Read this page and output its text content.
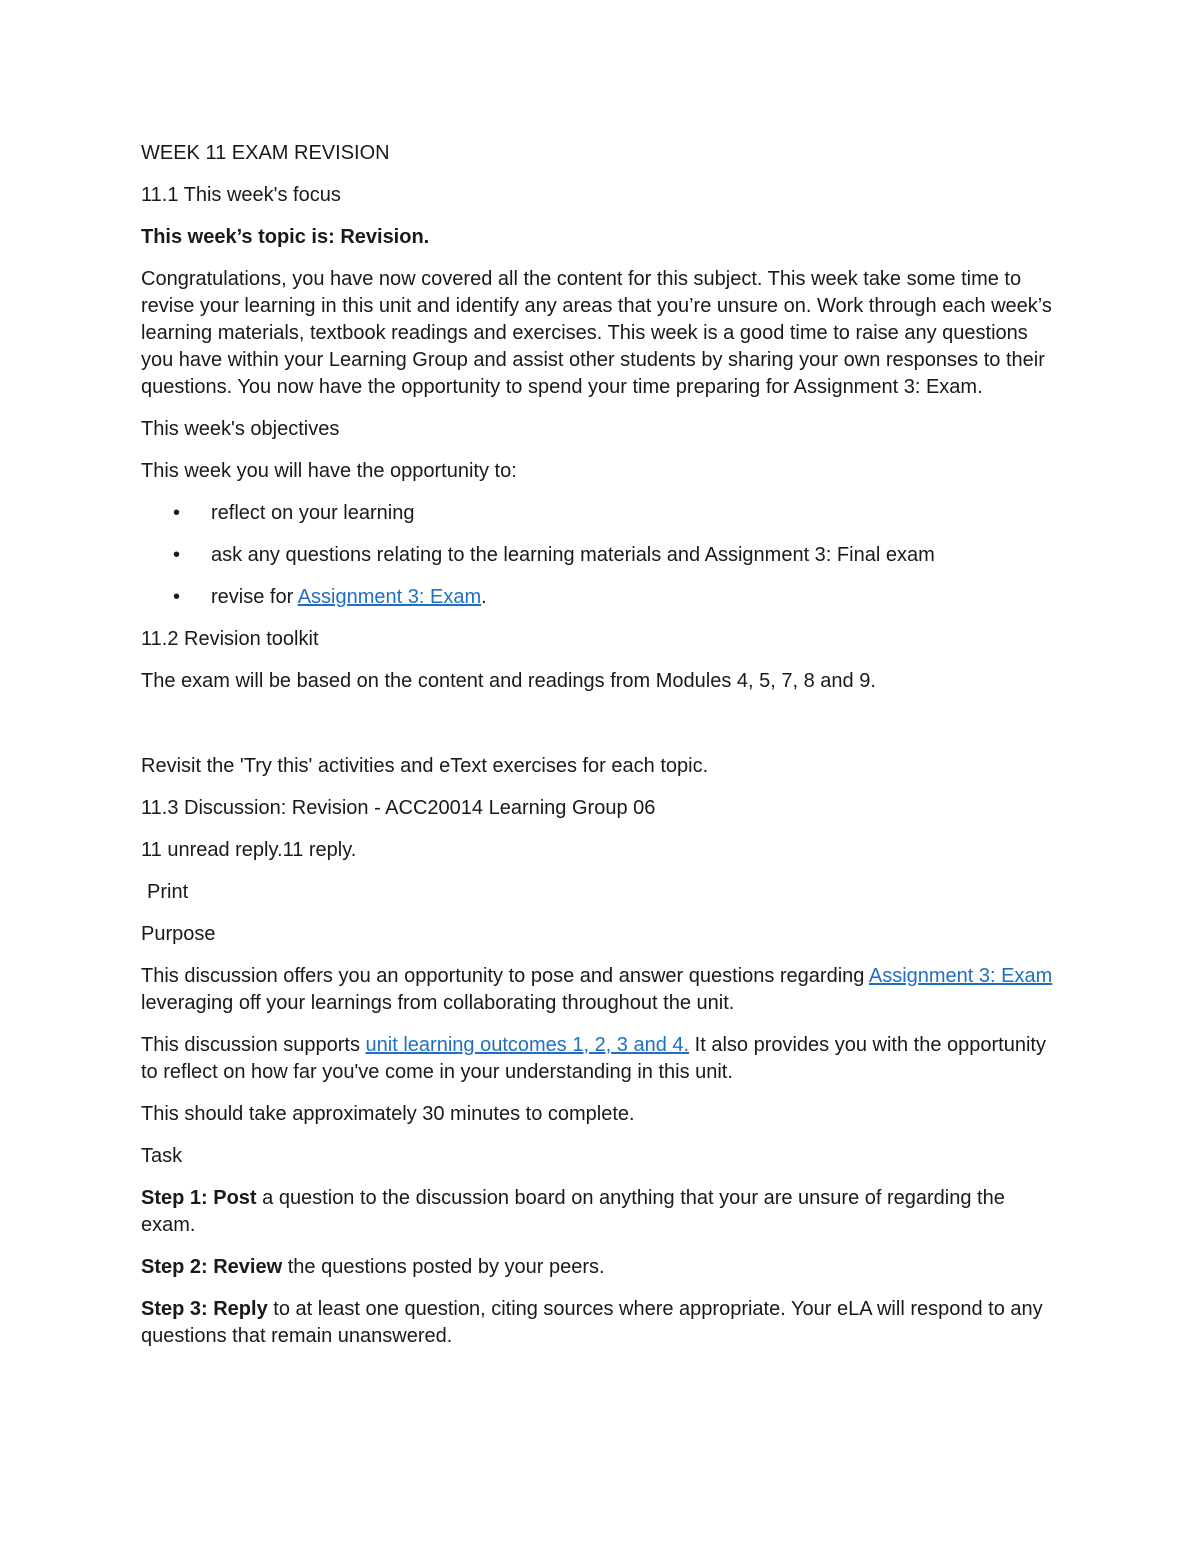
WEEK 11 EXAM REVISION

11.1 This week's focus

This week’s topic is: Revision.

Congratulations, you have now covered all the content for this subject. This week take some time to revise your learning in this unit and identify any areas that you’re unsure on. Work through each week’s learning materials, textbook readings and exercises. This week is a good time to raise any questions you have within your Learning Group and assist other students by sharing your own responses to their questions. You now have the opportunity to spend your time preparing for Assignment 3: Exam.

This week's objectives

This week you will have the opportunity to:

• reflect on your learning
• ask any questions relating to the learning materials and Assignment 3: Final exam
• revise for Assignment 3: Exam.

11.2 Revision toolkit

The exam will be based on the content and readings from Modules 4, 5, 7, 8 and 9.

Revisit the 'Try this' activities and eText exercises for each topic.

11.3 Discussion: Revision - ACC20014 Learning Group 06

11 unread reply.11 reply.

Print

Purpose

This discussion offers you an opportunity to pose and answer questions regarding Assignment 3: Exam leveraging off your learnings from collaborating throughout the unit.

This discussion supports unit learning outcomes 1, 2, 3 and 4. It also provides you with the opportunity to reflect on how far you've come in your understanding in this unit.

This should take approximately 30 minutes to complete.

Task

Step 1: Post a question to the discussion board on anything that your are unsure of regarding the exam.

Step 2: Review the questions posted by your peers.

Step 3: Reply to at least one question, citing sources where appropriate. Your eLA will respond to any questions that remain unanswered.
